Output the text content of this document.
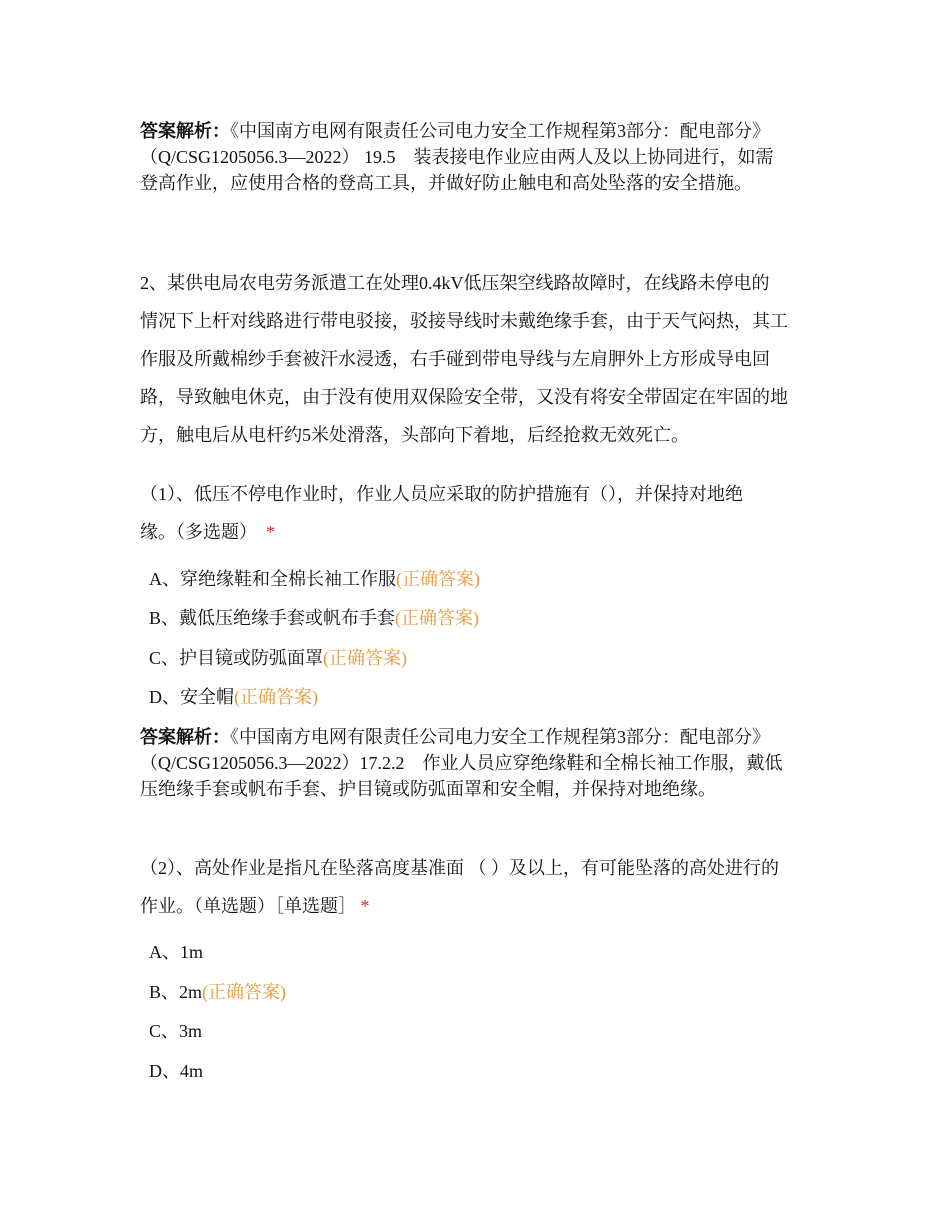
答案解析：《中国南方电网有限责任公司电力安全工作规程第3部分：配电部分》
（Q/CSG1205056.3—2022） 19.5　装表接电作业应由两人及以上协同进行，如需
登高作业，应使用合格的登高工具，并做好防止触电和高处坠落的安全措施。
2、某供电局农电劳务派遣工在处理0.4kV低压架空线路故障时，在线路未停电的
情况下上杆对线路进行带电驳接，驳接导线时未戴绝缘手套，由于天气闷热，其工
作服及所戴棉纱手套被汗水浸透，右手碰到带电导线与左肩胛外上方形成导电回
路，导致触电休克，由于没有使用双保险安全带，又没有将安全带固定在牢固的地
方，触电后从电杆约5米处滑落，头部向下着地，后经抢救无效死亡。
（1）、低压不停电作业时，作业人员应采取的防护措施有（），并保持对地绝
缘。（多选题） *
A、穿绝缘鞋和全棉长袖工作服(正确答案)
B、戴低压绝缘手套或帆布手套(正确答案)
C、护目镜或防弧面罩(正确答案)
D、安全帽(正确答案)
答案解析：《中国南方电网有限责任公司电力安全工作规程第3部分：配电部分》
（Q/CSG1205056.3—2022）17.2.2　作业人员应穿绝缘鞋和全棉长袖工作服，戴低
压绝缘手套或帆布手套、护目镜或防弧面罩和安全帽，并保持对地绝缘。
（2）、高处作业是指凡在坠落高度基准面 （ ）及以上，有可能坠落的高处进行的
作业。（单选题）［单选题］ *
A、1m
B、2m(正确答案)
C、3m
D、4m
